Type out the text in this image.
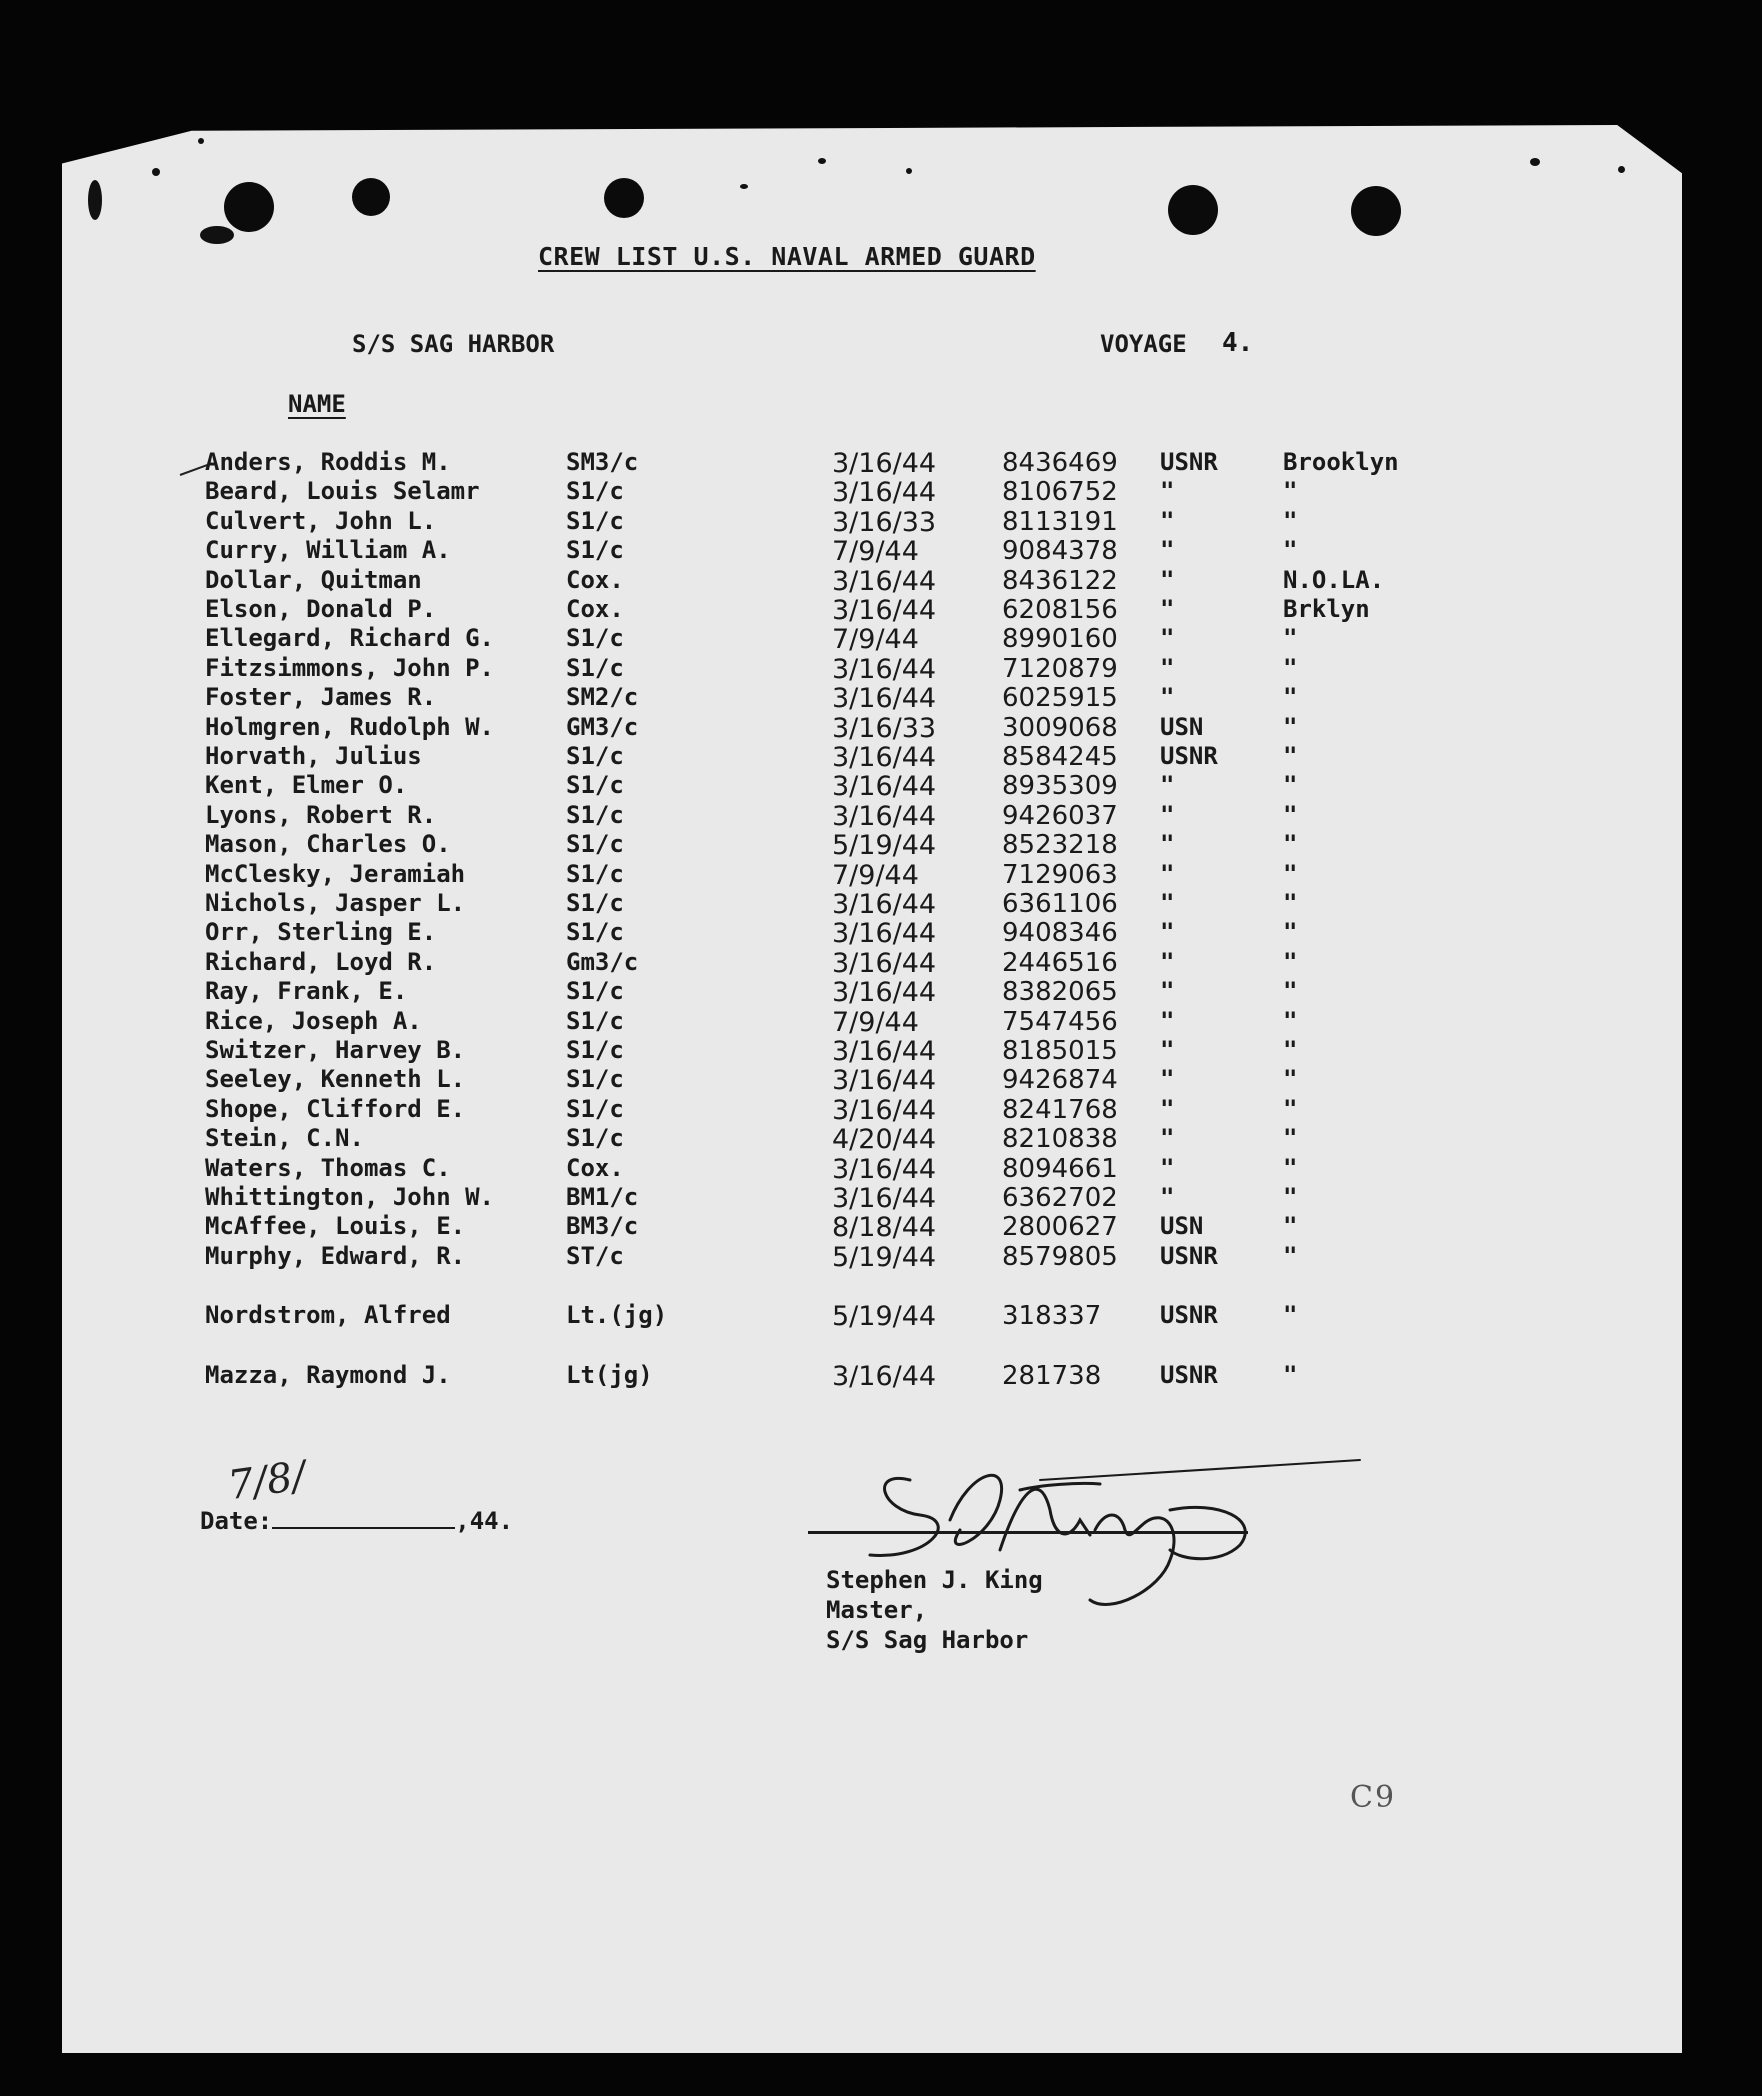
CREW LIST U.S. NAVAL ARMED GUARD
S/S SAG HARBOR	VOYAGE 4.
NAME
Anders, Roddis M.	SM3/c	3/16/44	8436469 USNR	Brooklyn
Beard, Louis Selamr	S1/c	3/16/44	8106752 "	"
Culvert, John L.	S1/c	3/16/33	8113191 "	"
Curry, William A.	S1/c	7/9/44	9084378 "	"
Dollar, Quitman	Cox.	3/16/44	8436122 "	N.O.LA.
Elson, Donald P.	Cox.	3/16/44	6208156 "	Brklyn
Ellegard, Richard G.	S1/c	7/9/44	8990160 "	"
Fitzsimmons, John P.	S1/c	3/16/44	7120879 "	"
Foster, James R.	SM2/c	3/16/44	6025915 "	"
Holmgren, Rudolph W.	GM3/c	3/16/33	3009068 USN	"
Horvath, Julius	S1/c	3/16/44	8584245 USNR	"
Kent, Elmer O.	S1/c	3/16/44	8935309 "	"
Lyons, Robert R.	S1/c	3/16/44	9426037 "	"
Mason, Charles O.	S1/c	5/19/44	8523218 "	"
McClesky, Jeramiah	S1/c	7/9/44	7129063 "	"
Nichols, Jasper L.	S1/c	3/16/44	6361106 "	"
Orr, Sterling E.	S1/c	3/16/44	9408346 "	"
Richard, Loyd R.	Gm3/c	3/16/44	2446516 "	"
Ray, Frank, E.	S1/c	3/16/44	8382065 "	"
Rice, Joseph A.	S1/c	7/9/44	7547456 "	"
Switzer, Harvey B.	S1/c	3/16/44	8185015 "	"
Seeley, Kenneth L.	S1/c	3/16/44	9426874 "	"
Shope, Clifford E.	S1/c	3/16/44	8241768 "	"
Stein, C.N.	S1/c	4/20/44	8210838 "	"
Waters, Thomas C.	Cox.	3/16/44	8094661 "	"
Whittington, John W.	BM1/c	3/16/44	6362702 "	"
McAffee, Louis, E.	BM3/c	8/18/44	2800627 USN	"
Murphy, Edward, R.	ST/c	5/19/44	8579805 USNR	"
Nordstrom, Alfred	Lt.(jg)	5/19/44	318337 USNR	"
Mazza, Raymond J.	Lt(jg)	3/16/44	281738 USNR	"
7/8/
Date:	,44.
Stephen J. King
Master,
S/S Sag Harbor
C9
